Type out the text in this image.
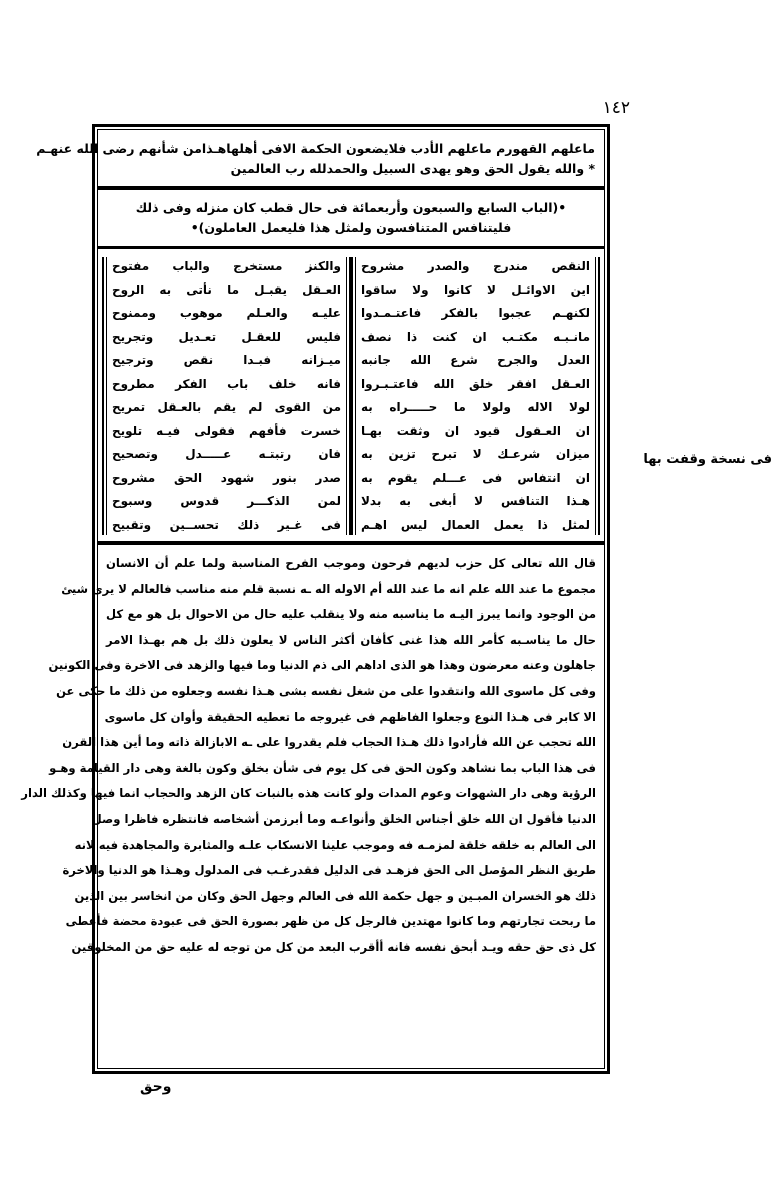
١٤٢
ماعلهم القهورم ماعلهم الأدب فلايضعون الحكمة الافى أهلهاهـذامن شأنهم رضى الله عنهـم
* والله يقول الحق وهو يهدى السبيل والحمدلله رب العالمين
•(الباب السابع والسبعون وأربعمائة فى حال قطب كان منزله وفى ذلك
فليتنافس المتنافسون ولمثل هذا فليعمل العاملون)•
النقص مندرج والصدر مشروح
اين الاوائـل لا كانوا ولا ساقوا
لكنهـم عجبوا بالفكر فاعتـمـدوا
مانـبـه مكتـب ان كنت ذا نصف
العدل والجرح شرع الله جانبه
العـقل افقر خلق الله فاعتـبـروا
لولا الاله ولولا ما حـــــراه به
ان العـقول قيود ان وثقت بهـا
ميزان شرعـك لا تبرح تزين به
ان انتفاس فى عـــلم يقوم به
هـذا التنافس لا أبغى به بدلا
لمثل ذا يعمل العمال ليس اهـم
والكنز مستخرج والباب مفتوح
العـقل يقبـل ما نأتى به الروح
عليـه والعـلم موهوب وممنوح
فليس للعقـل تعـديل وتجريح
ميـزانه فبـدا نقص وترجيح
فانه خلف باب الفكر مطروح
من القوى لم يقم بالعـقل تمريح
خسرت فأفهم فقولى فيـه تلويح
فان رتبتـه عـــــدل وتصحيح
صدر بنور شهود الحق مشروح
لمن الذكـــر قدوس وسبوح
فى غـير ذلك تحســين وتقبيح
قال الله تعالى كل حزب لديهم فرحون وموجب الفرح المناسبة ولما علم أن الانسان
مجموع ما عند الله علم انه ما عند الله أم الاوله اله ـه نسبة قلم منه مناسب فالعالم لا يرى شيئ
من الوجود وانما يبرز اليـه ما يناسبه منه ولا ينقلب عليه حال من الاحوال بل هو مع كل
حال ما يناسـبه كأمر الله هذا غنى كأفان أكثر الناس لا يعلون ذلك بل هم بهـذا الامر
جاهلون وعنه معرضون وهذا هو الذى اداهم الى ذم الدنيا وما فيها والزهد فى الاخرة وفى الكونين
وفى كل ماسوى الله وانتقدوا على من شغل نفسه بشى هـذا نفسه وجعلوه من ذلك ما حكى عن
الا كابر فى هـذا النوع وجعلوا الفاظهم فى غيروجه ما تعطيه الحقيقة وأوان كل ماسوى
الله تحجب عن الله فأرادوا ذلك هـذا الحجاب فلم يقدروا على ـه الابازالة ذاته وما أين هذا القرن
فى هذا الباب بما نشاهد وكون الحق فى كل يوم فى شأن بخلق وكون بالغة وهى دار القيامة وهـو
الرؤية وهى دار الشهوات وعوم المدات ولو كانت هذه بالنبات كان الزهد والحجاب انما فيها وكذلك الدار
الدنيا فأقول ان الله خلق أجناس الخلق وأنواعـه وما أبرزمن أشخاصه فانتظره فاظرا وصل
الى العالم به خلقه خلقة لمزمـه فه وموجب علينا الانسكاب علـه والمثابرة والمجاهدة فيه لانه
طريق النظر المؤصل الى الحق فزهـد فى الدليل فقدرغـب فى المدلول وهـذا هو الدنيا والاخرة
ذلك هو الخسران المبـين و جهل حكمة الله فى العالم وجهل الحق وكان من انخاسر بين الذين
ما ربحت تجارتهم وما كانوا مهتدين فالرجل كل من ظهر بصورة الحق فى عبودة محضة فأعطى
كل ذى حق حقه ويـد أبحق نفسه فانه أأقرب البعد من كل من توجه له عليه حق من المخلوقين
فى نسخة وقفت بها
وحق
